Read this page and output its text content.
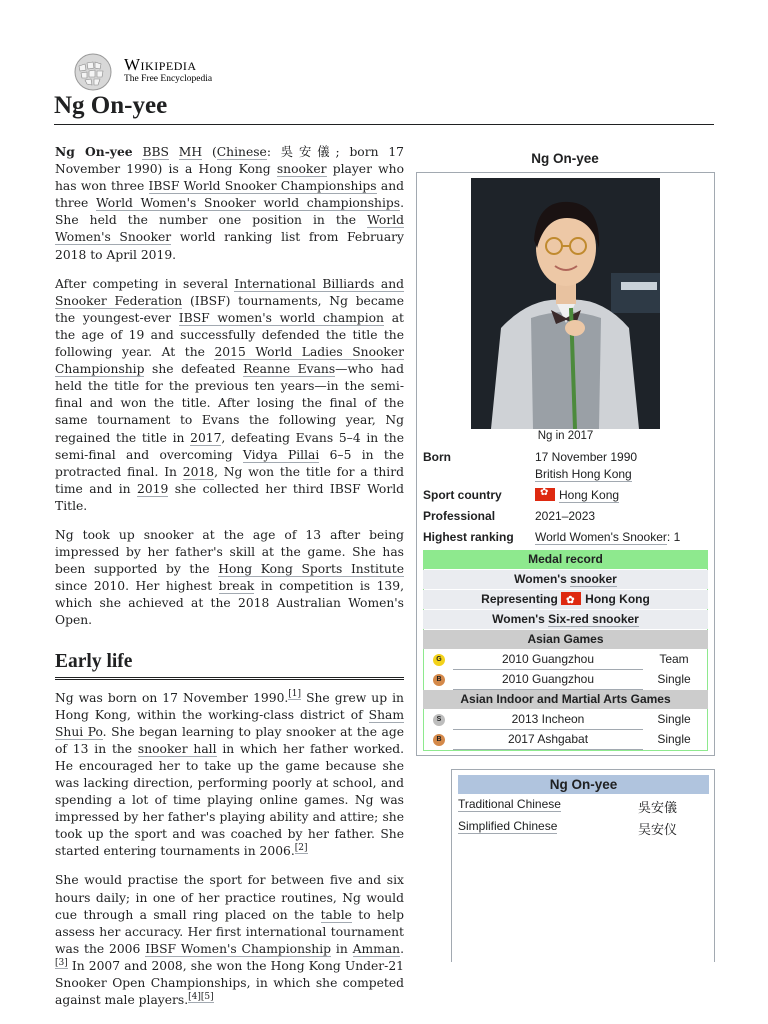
Wikipedia
The Free Encyclopedia
Ng On-yee

Ng On-yee BBS MH (Chinese: 吳安儀; born 17 November 1990) is a Hong Kong snooker player who has won three IBSF World Snooker Championships and three World Women's Snooker world championships. She held the number one position in the World Women's Snooker world ranking list from February 2018 to April 2019.

After competing in several International Billiards and Snooker Federation (IBSF) tournaments, Ng became the youngest-ever IBSF women's world champion at the age of 19 and successfully defended the title the following year. At the 2015 World Ladies Snooker Championship she defeated Reanne Evans—who had held the title for the previous ten years—in the semi-final and won the title. After losing the final of the same tournament to Evans the following year, Ng regained the title in 2017, defeating Evans 5–4 in the semi-final and overcoming Vidya Pillai 6–5 in the protracted final. In 2018, Ng won the title for a third time and in 2019 she collected her third IBSF World Title.

Ng took up snooker at the age of 13 after being impressed by her father's skill at the game. She has been supported by the Hong Kong Sports Institute since 2010. Her highest break in competition is 139, which she achieved at the 2018 Australian Women's Open.

Early life

Ng was born on 17 November 1990.[1] She grew up in Hong Kong, within the working-class district of Sham Shui Po. She began learning to play snooker at the age of 13 in the snooker hall in which her father worked. He encouraged her to take up the game because she was lacking direction, performing poorly at school, and spending a lot of time playing online games. Ng was impressed by her father's playing ability and attire; she took up the sport and was coached by her father. She started entering tournaments in 2006.[2]

She would practise the sport for between five and six hours daily; in one of her practice routines, Ng would cue through a small ring placed on the table to help assess her accuracy. Her first international tournament was the 2006 IBSF Women's Championship in Amman.[3] In 2007 and 2008, she won the Hong Kong Under-21 Snooker Open Championships, in which she competed against male players.[4][5]

Ng On-yee
Ng in 2017
Born	17 November 1990
British Hong Kong
Sport country
✿	Hong Kong
Professional	2021–2023
Highest ranking World Women's Snooker: 1
Medal record
Women's snooker
Representing ✿Hong Kong
Women's Six-red snooker
Asian Games
G	2010 Guangzhou	Team
B	2010 Guangzhou	Single
Asian Indoor and Martial Arts Games
S	2013 Incheon	Single
B	2017 Ashgabat	Single
Ng On-yee
Traditional Chinese	吳安儀
Simplified Chinese	吴安仪
